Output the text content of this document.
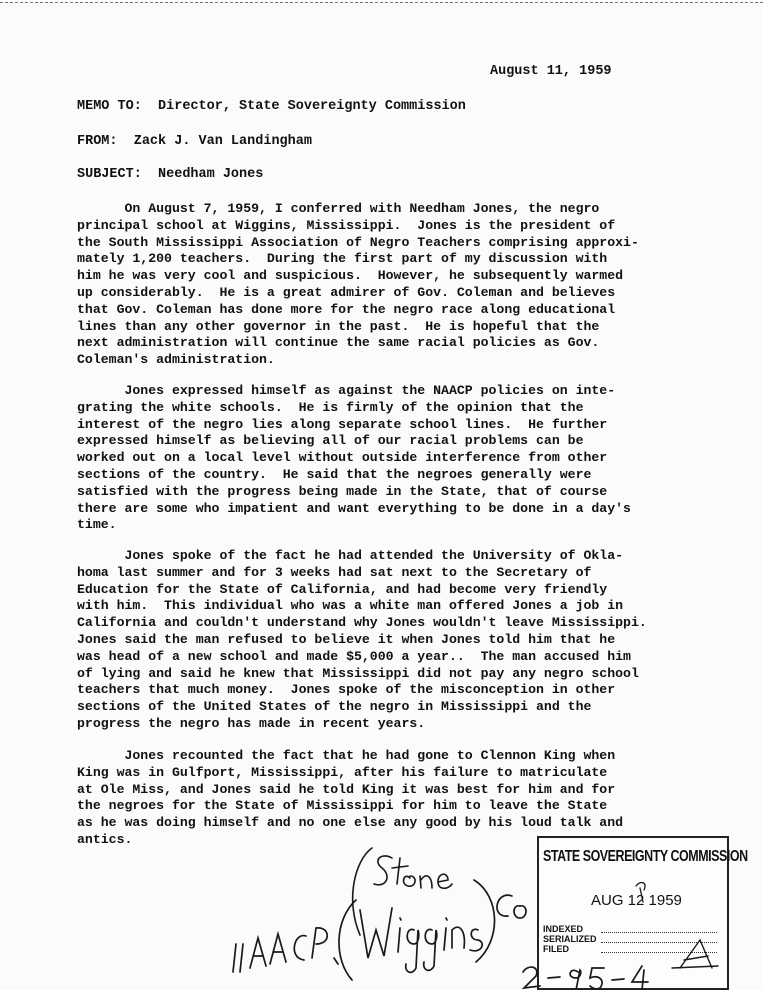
August 11, 1959
MEMO TO: Director, State Sovereignty Commission
FROM: Zack J. Van Landingham
SUBJECT: Needham Jones
On August 7, 1959, I conferred with Needham Jones, the negro
principal school at Wiggins, Mississippi.  Jones is the president of
the South Mississippi Association of Negro Teachers comprising approxi-
mately 1,200 teachers.  During the first part of my discussion with
him he was very cool and suspicious.  However, he subsequently warmed
up considerably.  He is a great admirer of Gov. Coleman and believes
that Gov. Coleman has done more for the negro race along educational
lines than any other governor in the past.  He is hopeful that the
next administration will continue the same racial policies as Gov.
Coleman's administration.
Jones expressed himself as against the NAACP policies on inte-
grating the white schools.  He is firmly of the opinion that the
interest of the negro lies along separate school lines.  He further
expressed himself as believing all of our racial problems can be
worked out on a local level without outside interference from other
sections of the country.  He said that the negroes generally were
satisfied with the progress being made in the State, that of course
there are some who impatient and want everything to be done in a day's
time.
Jones spoke of the fact he had attended the University of Okla-
homa last summer and for 3 weeks had sat next to the Secretary of
Education for the State of California, and had become very friendly
with him.  This individual who was a white man offered Jones a job in
California and couldn't understand why Jones wouldn't leave Mississippi.
Jones said the man refused to believe it when Jones told him that he
was head of a new school and made $5,000 a year..  The man accused him
of lying and said he knew that Mississippi did not pay any negro school
teachers that much money.  Jones spoke of the misconception in other
sections of the United States of the negro in Mississippi and the
progress the negro has made in recent years.
Jones recounted the fact that he had gone to Clennon King when
King was in Gulfport, Mississippi, after his failure to matriculate
at Ole Miss, and Jones said he told King it was best for him and for
the negroes for the State of Mississippi for him to leave the State
as he was doing himself and no one else any good by his loud talk and
antics.
STATE SOVEREIGNTY COMMISSION
AUG 12 1959
INDEXED
SERIALIZED
FILED
